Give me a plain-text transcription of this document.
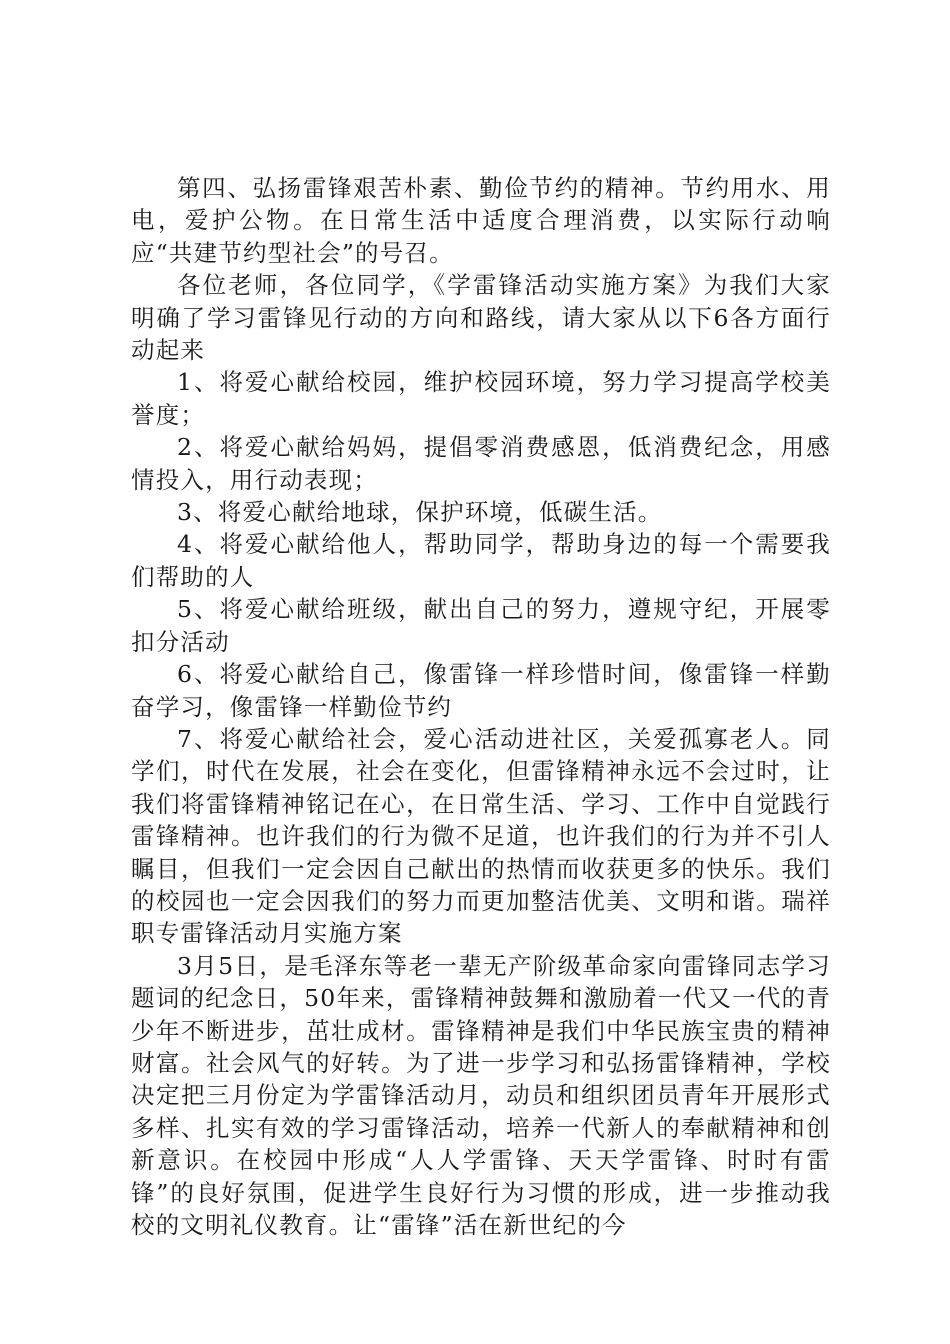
第四、弘扬雷锋艰苦朴素、勤俭节约的精神。节约用水、用电，爱护公物。在日常生活中适度合理消费，以实际行动响应“共建节约型社会”的号召。

各位老师，各位同学，《学雷锋活动实施方案》为我们大家明确了学习雷锋见行动的方向和路线，请大家从以下6各方面行动起来

1、将爱心献给校园，维护校园环境，努力学习提高学校美誉度；

2、将爱心献给妈妈，提倡零消费感恩，低消费纪念，用感情投入，用行动表现；

3、将爱心献给地球，保护环境，低碳生活。

4、将爱心献给他人，帮助同学，帮助身边的每一个需要我们帮助的人

5、将爱心献给班级，献出自己的努力，遵规守纪，开展零扣分活动

6、将爱心献给自己，像雷锋一样珍惜时间，像雷锋一样勤奋学习，像雷锋一样勤俭节约

7、将爱心献给社会，爱心活动进社区，关爱孤寡老人。同学们，时代在发展，社会在变化，但雷锋精神永远不会过时，让我们将雷锋精神铭记在心，在日常生活、学习、工作中自觉践行雷锋精神。也许我们的行为微不足道，也许我们的行为并不引人瞩目，但我们一定会因自己献出的热情而收获更多的快乐。我们的校园也一定会因我们的努力而更加整洁优美、文明和谐。瑞祥职专雷锋活动月实施方案

3月5日，是毛泽东等老一辈无产阶级革命家向雷锋同志学习题词的纪念日，50年来，雷锋精神鼓舞和激励着一代又一代的青少年不断进步，茁壮成材。雷锋精神是我们中华民族宝贵的精神财富。社会风气的好转。为了进一步学习和弘扬雷锋精神，学校决定把三月份定为学雷锋活动月，动员和组织团员青年开展形式多样、扎实有效的学习雷锋活动，培养一代新人的奉献精神和创新意识。在校园中形成“人人学雷锋、天天学雷锋、时时有雷锋”的良好氛围，促进学生良好行为习惯的形成，进一步推动我校的文明礼仪教育。让“雷锋”活在新世纪的今
